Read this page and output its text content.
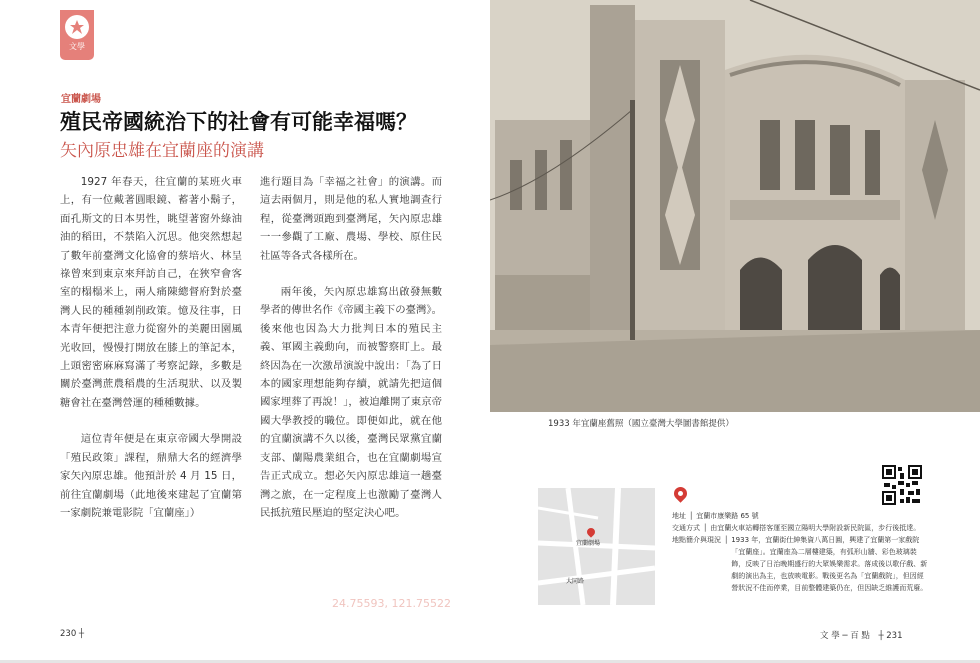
文學
宜蘭劇場
殖民帝國統治下的社會有可能幸福嗎？
矢內原忠雄在宜蘭座的演講

1927 年春天，往宜蘭的某班火車上，有一位戴著圓眼鏡、蓄著小鬍子，面孔斯文的日本男性，眺望著窗外綠油油的稻田，不禁陷入沉思。他突然想起了數年前臺灣文化協會的蔡培火、林呈祿曾來到東京來拜訪自己，在狹窄會客室的榻榻米上，兩人痛陳總督府對於臺灣人民的種種剝削政策。憶及往事，日本青年便把注意力從窗外的美麗田園風光收回，慢慢打開放在膝上的筆記本，上頭密密麻麻寫滿了考察記錄，多數是關於臺灣蔗農稻農的生活現狀、以及製糖會社在臺灣營運的種種數據。

這位青年便是在東京帝國大學開設「殖民政策」課程，鼎鼎大名的經濟學家矢內原忠雄。他預計於 4 月 15 日，前往宜蘭劇場（此地後來建起了宜蘭第一家劇院兼電影院「宜蘭座」）

進行題目為「幸福之社會」的演講。而這去兩個月，則是他的私人實地調查行程，從臺灣頭跑到臺灣尾，矢內原忠雄一一參觀了工廠、農場、學校、原住民社區等各式各樣所在。

兩年後，矢內原忠雄寫出啟發無數學者的傳世名作《帝國主義下の臺灣》。後來他也因為大力批判日本的殖民主義、軍國主義動向，而被警察盯上。最終因為在一次激昂演說中說出：「為了日本的國家理想能夠存續，就請先把這個國家埋葬了再說！」，被迫離開了東京帝國大學教授的職位。即便如此，就在他的宜蘭演講不久以後，臺灣民眾黨宜蘭支部、蘭陽農業組合，也在宜蘭劇場宣告正式成立。想必矢內原忠雄這一趟臺灣之旅，在一定程度上也激勵了臺灣人民抵抗殖民壓迫的堅定決心吧。

1933 年宜蘭座舊照（國立臺灣大學圖書館提供）
宜蘭劇場
大同路
地址 │ 宜蘭市康樂路 65 號
交通方式 │ 由宜蘭火車站轉搭客運至國立陽明大學附設新民院區，步行後抵達。
地點簡介與現況 │ 1933 年，宜蘭街仕紳集資八萬日圓，興建了宜蘭第一家戲院「宜蘭座」。宜蘭座為二層樓建築，有弧形山牆、彩色玻璃裝飾，反映了日治晚期盛行的大眾娛樂需求。落成後以歌仔戲、新劇的演出為主，也放映電影。戰後更名為「宜蘭戲院」，但因經營狀況不佳而停業，目前整體建築仍在，但因缺乏維護而荒廢。
24.75593, 121.75522
230 ┼	文 學 ─ 百 點　┼ 231
